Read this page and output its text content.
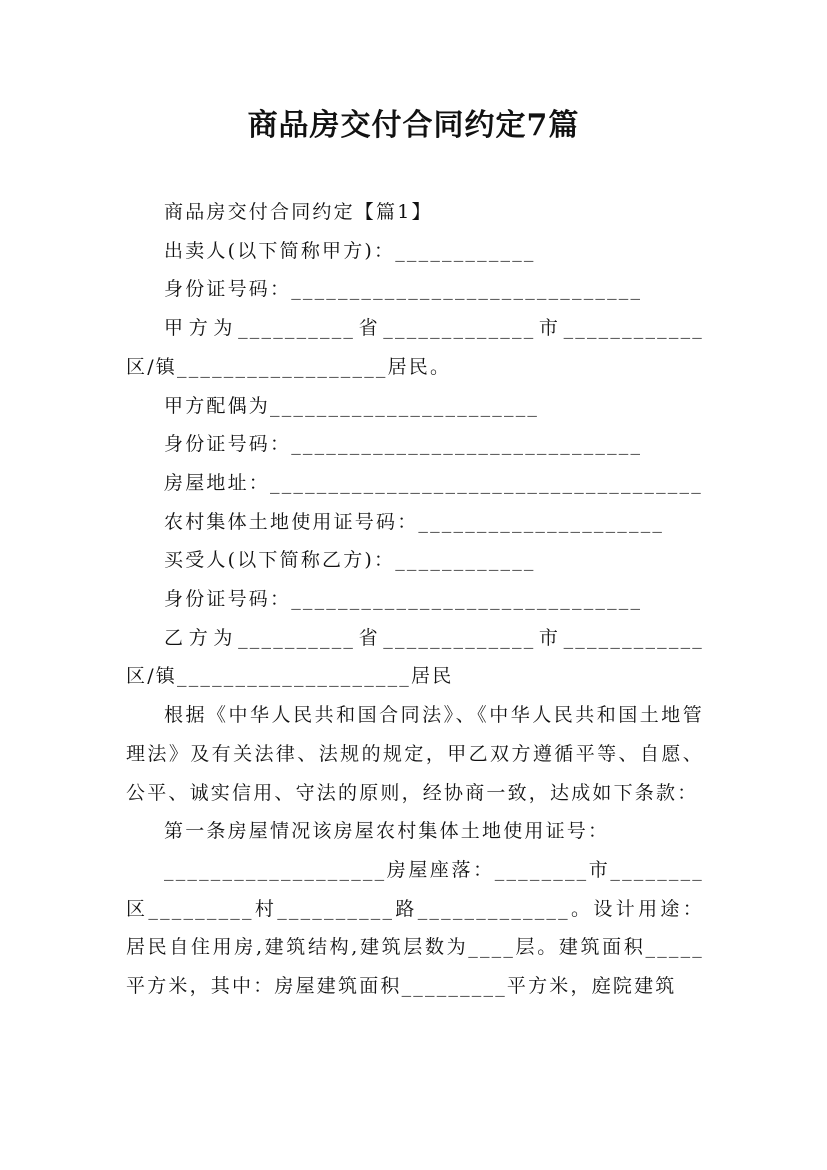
商品房交付合同约定7篇

商品房交付合同约定【篇1】

出卖人(以下简称甲方)：____________

身份证号码：______________________________

甲方为__________省_____________市____________区/镇__________________居民。

甲方配偶为_______________________

身份证号码：______________________________

房屋地址：_____________________________________

农村集体土地使用证号码：_____________________

买受人(以下简称乙方)：____________

身份证号码：______________________________

乙方为__________省_____________市____________区/镇____________________居民

根据《中华人民共和国合同法》、《中华人民共和国土地管理法》及有关法律、法规的规定，甲乙双方遵循平等、自愿、公平、诚实信用、守法的原则，经协商一致，达成如下条款：

第一条房屋情况该房屋农村集体土地使用证号：

___________________房屋座落：________市________区_________村__________路_____________。设计用途：居民自住用房,建筑结构,建筑层数为____层。建筑面积_____平方米，其中：房屋建筑面积_________平方米，庭院建筑
